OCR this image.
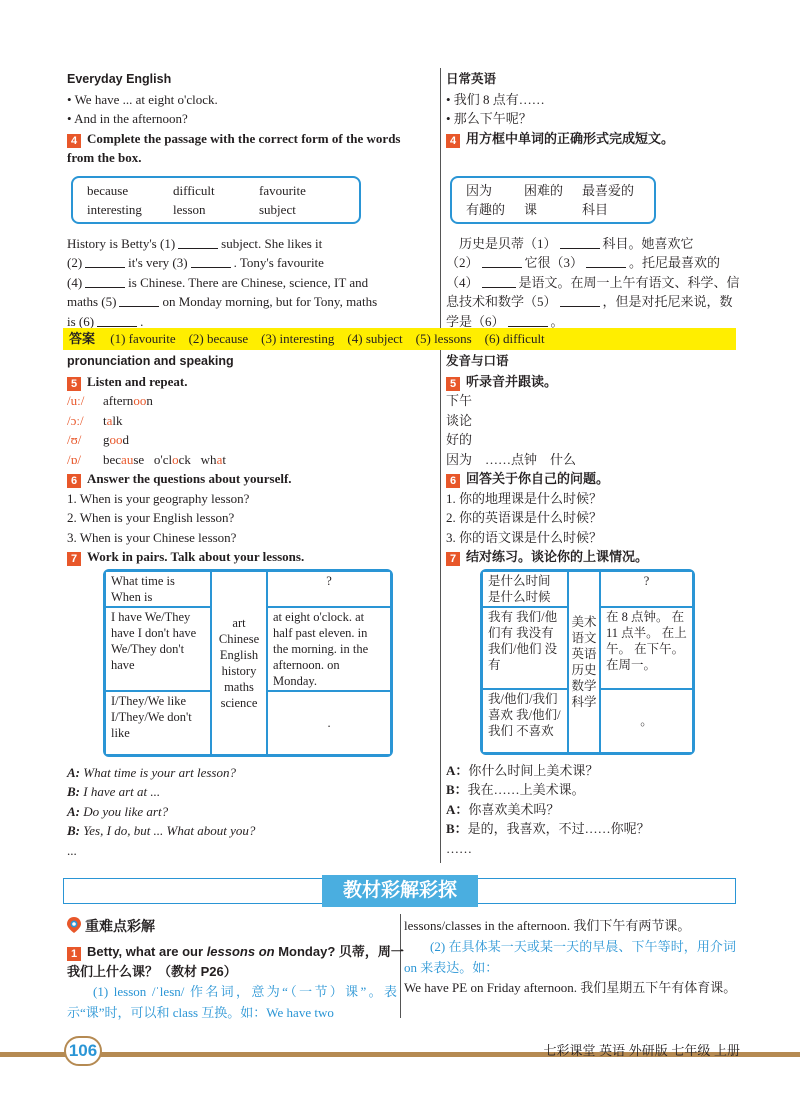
Everyday English
• We have ... at eight o'clock.
• And in the afternoon?
4 Complete the passage with the correct form of the words
from the box.
because	difficult	favourite
interesting	lesson	subject
History is Betty's (1)	subject. She likes it
(2)	it's very (3)	. Tony's favourite
(4)	is Chinese. There are Chinese, science, IT and
maths (5)	on Monday morning, but for Tony, maths
is (6)	.
日常英语
• 我们 8 点有……
• 那么下午呢？
4 用方框中单词的正确形式完成短文。
因为	困难的	最喜爱的
有趣的	课	科目
　历史是贝蒂（1）	科目。她喜欢它
（2）	它很（3）	。托尼最喜欢的
（4）	是语文。在周一上午有语文、科学、信
息技术和数学（5）	，但是对托尼来说，数
学是（6）	。
答案 (1) favourite　(2) because　(3) interesting　(4) subject　(5) lessons　(6) difficult
pronunciation and speaking
5 Listen and repeat.
/uː/ afternoon
/ɔː/ talk
/ʊ/ good
/ɒ/ because   o'clock   what
6 Answer the questions about yourself.
1. When is your geography lesson?
2. When is your English lesson?
3. When is your Chinese lesson?
7 Work in pairs. Talk about your lessons.
What time is When is	art Chinese English history maths science	?
I have We/They have I don't have We/They don't have		at eight o'clock. at half past eleven. in the morning. in the afternoon. on Monday.
I/They/We like I/They/We don't like		.
A: What time is your art lesson?
B: I have art at ...
A: Do you like art?
B: Yes, I do, but ... What about you?
...
发音与口语
5 听录音并跟读。
下午
谈论
好的
因为　……点钟　什么
6 回答关于你自己的问题。
1. 你的地理课是什么时候？
2. 你的英语课是什么时候？
3. 你的语文课是什么时候？
7 结对练习。谈论你的上课情况。
是什么时间 是什么时候	美术 语文 英语 历史 数学 科学	?
我有 我们/他们有 我没有 我们/他们 没有		在 8 点钟。 在 11 点半。 在上午。 在下午。 在周一。
我/他们/我们 喜欢 我/他们/我们 不喜欢		。
A：你什么时间上美术课？
B：我在……上美术课。
A：你喜欢美术吗？
B：是的，我喜欢，不过……你呢？
……
教材彩解彩探
重难点彩解
1 Betty, what are our lessons on Monday? 贝蒂，周一
我们上什么课？（教材 P26）
(1) lesson /ˈlesn/ 作名词，意为“（一节）课”。表示“课”时，可以和 class 互换。如：We have two
lessons/classes in the afternoon. 我们下午有两节课。
(2) 在具体某一天或某一天的早晨、下午等时，用介词 on 来表达。如：
We have PE on Friday afternoon. 我们星期五下午有体育课。
106	七彩课堂 英语 外研版 七年级 上册
